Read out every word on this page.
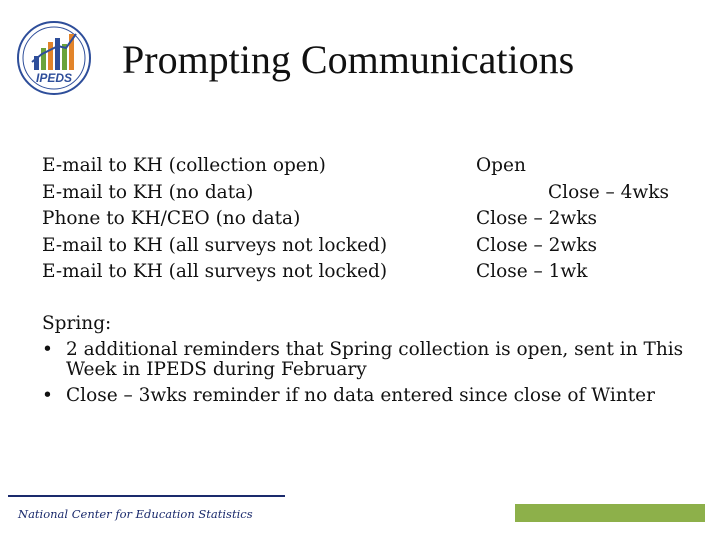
IPEDS Prompting Communications
E-mail to KH (collection open)	Open
E-mail to KH (no data)	Close – 4wks
Phone to KH/CEO (no data)	Close – 2wks
E-mail to KH (all surveys not locked)	Close – 2wks
E-mail to KH (all surveys not locked)	Close – 1wk
Spring:
• 2 additional reminders that Spring collection is open, sent in This Week in IPEDS during February
• Close – 3wks reminder if no data entered since close of Winter
National Center for Education Statistics
